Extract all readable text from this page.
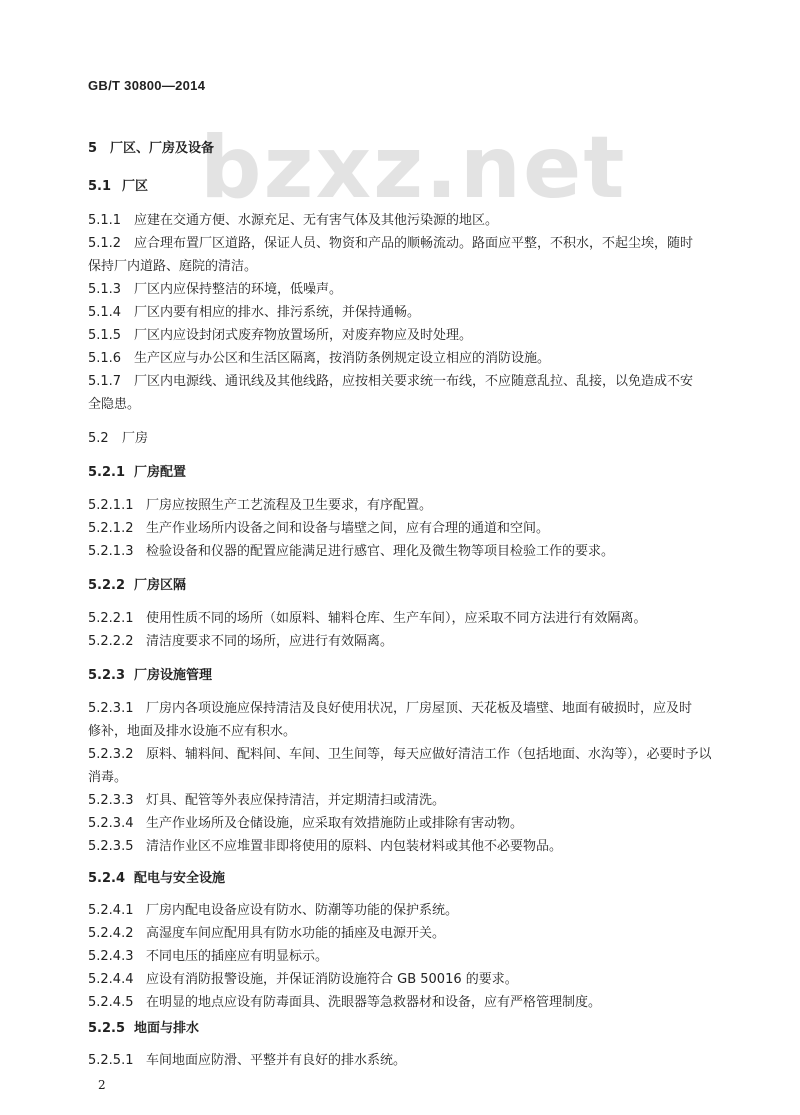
GB/T 30800—2014
bzxz.net
5 厂区、厂房及设备
5.1 厂区
5.1.1 应建在交通方便、水源充足、无有害气体及其他污染源的地区。
5.1.2 应合理布置厂区道路，保证人员、物资和产品的顺畅流动。路面应平整，不积水，不起尘埃，随时
保持厂内道路、庭院的清洁。
5.1.3 厂区内应保持整洁的环境，低噪声。
5.1.4 厂区内要有相应的排水、排污系统，并保持通畅。
5.1.5 厂区内应设封闭式废弃物放置场所，对废弃物应及时处理。
5.1.6 生产区应与办公区和生活区隔离，按消防条例规定设立相应的消防设施。
5.1.7 厂区内电源线、通讯线及其他线路，应按相关要求统一布线，不应随意乱拉、乱接，以免造成不安
全隐患。
5.2 厂房
5.2.1 厂房配置
5.2.1.1 厂房应按照生产工艺流程及卫生要求，有序配置。
5.2.1.2 生产作业场所内设备之间和设备与墙壁之间，应有合理的通道和空间。
5.2.1.3 检验设备和仪器的配置应能满足进行感官、理化及微生物等项目检验工作的要求。
5.2.2 厂房区隔
5.2.2.1 使用性质不同的场所（如原料、辅料仓库、生产车间），应采取不同方法进行有效隔离。
5.2.2.2 清洁度要求不同的场所，应进行有效隔离。
5.2.3 厂房设施管理
5.2.3.1 厂房内各项设施应保持清洁及良好使用状况，厂房屋顶、天花板及墙壁、地面有破损时，应及时
修补，地面及排水设施不应有积水。
5.2.3.2 原料、辅料间、配料间、车间、卫生间等，每天应做好清洁工作（包括地面、水沟等），必要时予以
消毒。
5.2.3.3 灯具、配管等外表应保持清洁，并定期清扫或清洗。
5.2.3.4 生产作业场所及仓储设施，应采取有效措施防止或排除有害动物。
5.2.3.5 清洁作业区不应堆置非即将使用的原料、内包装材料或其他不必要物品。
5.2.4 配电与安全设施
5.2.4.1 厂房内配电设备应设有防水、防潮等功能的保护系统。
5.2.4.2 高湿度车间应配用具有防水功能的插座及电源开关。
5.2.4.3 不同电压的插座应有明显标示。
5.2.4.4 应设有消防报警设施，并保证消防设施符合 GB 50016 的要求。
5.2.4.5 在明显的地点应设有防毒面具、洗眼器等急救器材和设备，应有严格管理制度。
5.2.5 地面与排水
5.2.5.1 车间地面应防滑、平整并有良好的排水系统。
2
